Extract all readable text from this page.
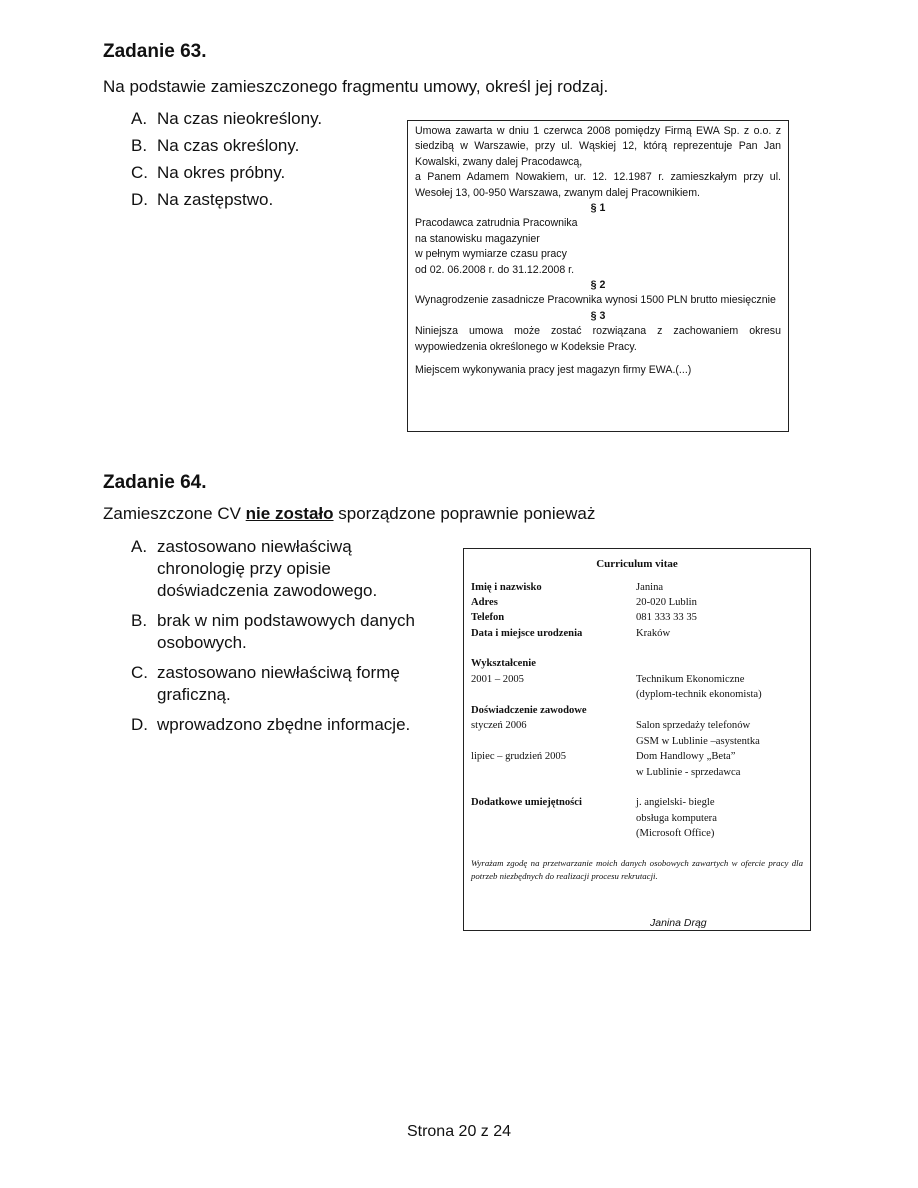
Zadanie 63.
Na podstawie zamieszczonego fragmentu umowy, określ jej rodzaj.
A. Na czas nieokreślony.
B. Na czas określony.
C. Na okres próbny.
D. Na zastępstwo.

Umowa zawarta w dniu 1 czerwca 2008 pomiędzy Firmą EWA Sp. z o.o. z siedzibą w Warszawie, przy ul. Wąskiej 12, którą reprezentuje Pan Jan Kowalski, zwany dalej Pracodawcą,

a Panem Adamem Nowakiem, ur. 12. 12.1987 r. zamieszkałym przy ul. Wesołej 13, 00-950 Warszawa, zwanym dalej Pracownikiem.

§ 1

Pracodawca zatrudnia Pracownika

na stanowisku magazynier

w pełnym wymiarze czasu pracy

od 02. 06.2008 r. do 31.12.2008 r.

§ 2

Wynagrodzenie zasadnicze Pracownika wynosi 1500 PLN brutto miesięcznie

§ 3

Niniejsza umowa może zostać rozwiązana z zachowaniem okresu wypowiedzenia określonego w Kodeksie Pracy.

Miejscem wykonywania pracy jest magazyn firmy EWA.(...)

Zadanie 64.
Zamieszczone CV nie zostało sporządzone poprawnie ponieważ
A. zastosowano niewłaściwą chronologię przy opisie doświadczenia zawodowego.
B. brak w nim podstawowych danych osobowych.
C. zastosowano niewłaściwą formę graficzną.
D. wprowadzono zbędne informacje.
Curriculum vitae
Imię i nazwisko	Janina
Adres	20-020 Lublin
Telefon	081 333 33 35
Data i miejsce urodzenia	Kraków
Wykształcenie
2001 – 2005	Technikum Ekonomiczne
(dyplom-technik ekonomista)
Doświadczenie zawodowe
styczeń 2006	Salon sprzedaży telefonów
GSM w Lublinie –asystentka
lipiec – grudzień 2005	Dom Handlowy „Beta”
w Lublinie - sprzedawca
Dodatkowe umiejętności	j. angielski- biegle
obsługa komputera
(Microsoft Office)
Wyrażam zgodę na przetwarzanie moich danych osobowych zawartych w ofercie pracy dla potrzeb niezbędnych do realizacji procesu rekrutacji.
Janina Drąg
Strona 20 z 24
